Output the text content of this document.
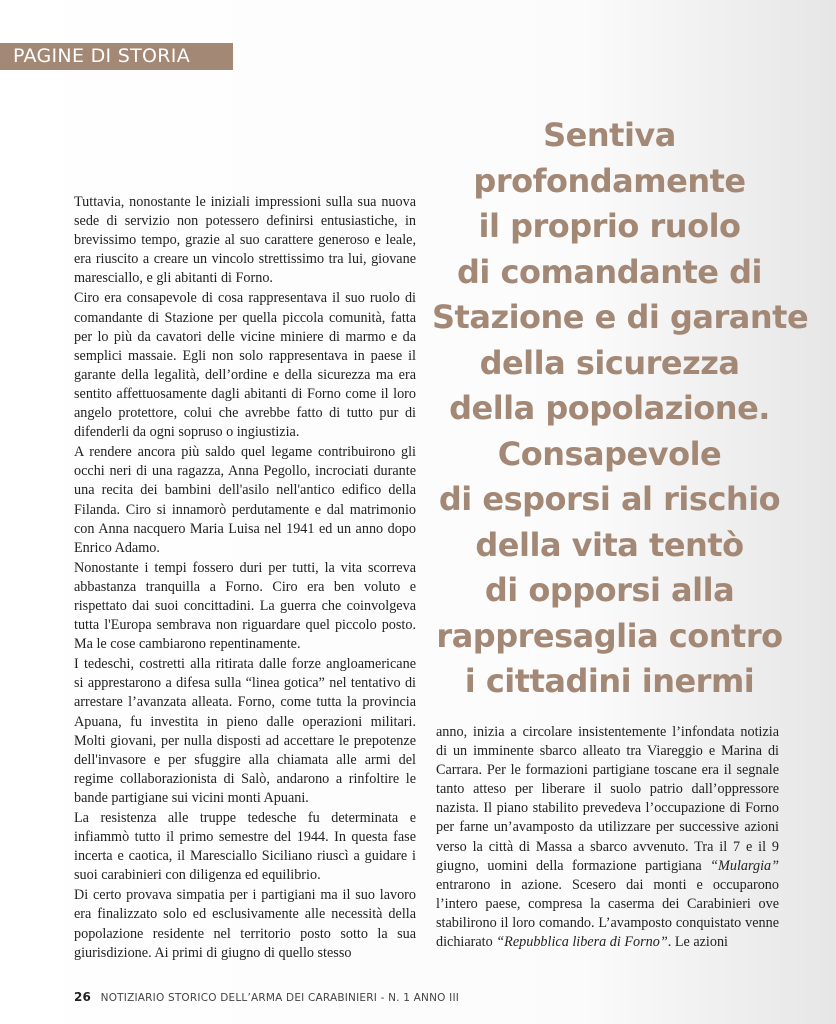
PAGINE DI STORIA

Tuttavia, nonostante le iniziali impressioni sulla sua nuova sede di servizio non potessero definirsi entusiastiche, in brevissimo tempo, grazie al suo carattere generoso e leale, era riuscito a creare un vincolo strettissimo tra lui, giovane maresciallo, e gli abitanti di Forno.

Ciro era consapevole di cosa rappresentava il suo ruolo di comandante di Stazione per quella piccola comunità, fatta per lo più da cavatori delle vicine miniere di marmo e da semplici massaie. Egli non solo rappresentava in paese il garante della legalità, dell’ordine e della sicurezza ma era sentito affettuosamente dagli abitanti di Forno come il loro angelo protettore, colui che avrebbe fatto di tutto pur di difenderli da ogni sopruso o ingiustizia.

A rendere ancora più saldo quel legame contribuirono gli occhi neri di una ragazza, Anna Pegollo, incrociati durante una recita dei bambini dell'asilo nell'antico edifico della Filanda. Ciro si innamorò perdutamente e dal matrimonio con Anna nacquero Maria Luisa nel 1941 ed un anno dopo Enrico Adamo.

Nonostante i tempi fossero duri per tutti, la vita scorreva abbastanza tranquilla a Forno. Ciro era ben voluto e rispettato dai suoi concittadini. La guerra che coinvolgeva tutta l'Europa sembrava non riguardare quel piccolo posto. Ma le cose cambiarono repentinamente.

I tedeschi, costretti alla ritirata dalle forze angloamericane si apprestarono a difesa sulla “linea gotica” nel tentativo di arrestare l’avanzata alleata. Forno, come tutta la provincia Apuana, fu investita in pieno dalle operazioni militari. Molti giovani, per nulla disposti ad accettare le prepotenze dell'invasore e per sfuggire alla chiamata alle armi del regime collaborazionista di Salò, andarono a rinfoltire le bande partigiane sui vicini monti Apuani.

La resistenza alle truppe tedesche fu determinata e infiammò tutto il primo semestre del 1944. In questa fase incerta e caotica, il Maresciallo Siciliano riuscì a guidare i suoi carabinieri con diligenza ed equilibrio.

Di certo provava simpatia per i partigiani ma il suo lavoro era finalizzato solo ed esclusivamente alle necessità della popolazione residente nel territorio posto sotto la sua giurisdizione. Ai primi di giugno di quello stesso

Sentiva
profondamente
il proprio ruolo
di comandante di
Stazione e di garante
della sicurezza
della popolazione.
Consapevole
di esporsi al rischio
della vita tentò
di opporsi alla
rappresaglia contro
i cittadini inermi

anno, inizia a circolare insistentemente l’infondata notizia di un imminente sbarco alleato tra Viareggio e Marina di Carrara. Per le formazioni partigiane toscane era il segnale tanto atteso per liberare il suolo patrio dall’oppressore nazista. Il piano stabilito prevedeva l’occupazione di Forno per farne un’avamposto da utilizzare per successive azioni verso la città di Massa a sbarco avvenuto. Tra il 7 e il 9 giugno, uomini della formazione partigiana “Mulargia” entrarono in azione. Scesero dai monti e occuparono l’intero paese, compresa la caserma dei Carabinieri ove stabilirono il loro comando. L’avamposto conquistato venne dichiarato “Repubblica libera di Forno”. Le azioni

26 NOTIZIARIO STORICO DELL’ARMA DEI CARABINIERI - N. 1 ANNO III
